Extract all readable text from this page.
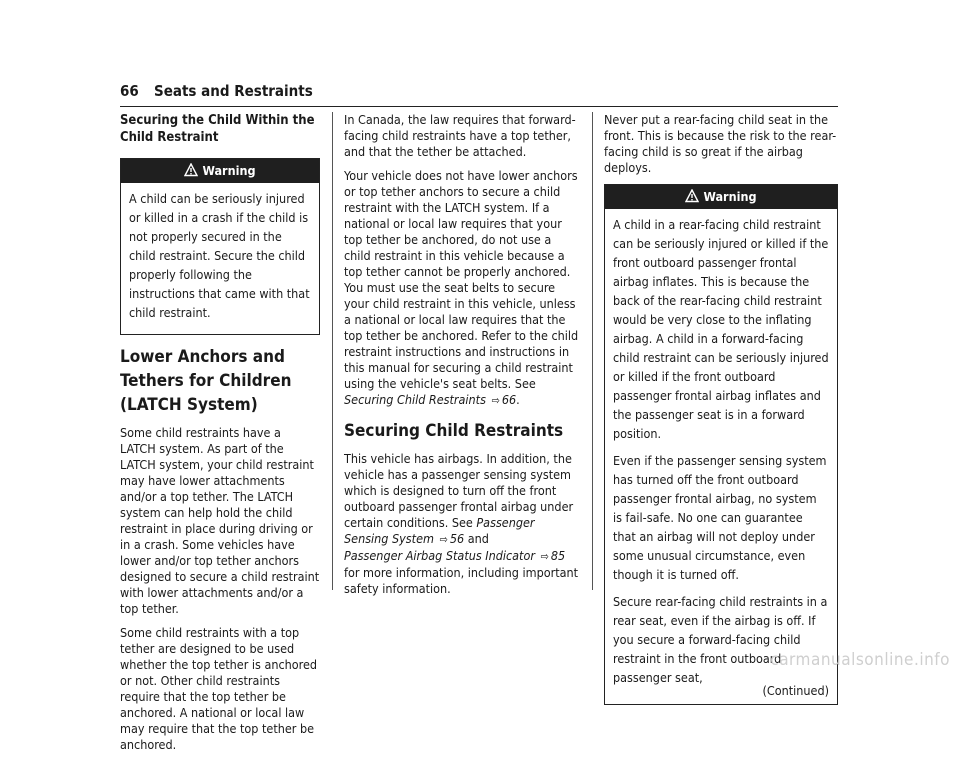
66 Seats and Restraints
Securing the Child Within the Child Restraint
Warning

A child can be seriously injured or killed in a crash if the child is not properly secured in the child restraint. Secure the child properly following the instructions that came with that child restraint.

Lower Anchors and Tethers for Children (LATCH System)

Some child restraints have a LATCH system. As part of the LATCH system, your child restraint may have lower attachments and/or a top tether. The LATCH system can help hold the child restraint in place during driving or in a crash. Some vehicles have lower and/or top tether anchors designed to secure a child restraint with lower attachments and/or a top tether.

Some child restraints with a top tether are designed to be used whether the top tether is anchored or not. Other child restraints require that the top tether be anchored. A national or local law may require that the top tether be anchored.

In Canada, the law requires that forward-facing child restraints have a top tether, and that the tether be attached.

Your vehicle does not have lower anchors or top tether anchors to secure a child restraint with the LATCH system. If a national or local law requires that your top tether be anchored, do not use a child restraint in this vehicle because a top tether cannot be properly anchored. You must use the seat belts to secure your child restraint in this vehicle, unless a national or local law requires that the top tether be anchored. Refer to the child restraint instructions and instructions in this manual for securing a child restraint using the vehicle's seat belts. See Securing Child Restraints ⇨ 66.

Securing Child Restraints

This vehicle has airbags. In addition, the vehicle has a passenger sensing system which is designed to turn off the front outboard passenger frontal airbag under certain conditions. See Passenger Sensing System ⇨ 56 and
Passenger Airbag Status Indicator ⇨ 85 for more information, including important safety information.

Never put a rear-facing child seat in the front. This is because the risk to the rear-facing child is so great if the airbag deploys.

Warning

A child in a rear-facing child restraint can be seriously injured or killed if the front outboard passenger frontal airbag inflates. This is because the back of the rear-facing child restraint would be very close to the inflating airbag. A child in a forward-facing child restraint can be seriously injured or killed if the front outboard passenger frontal airbag inflates and the passenger seat is in a forward position.

Even if the passenger sensing system has turned off the front outboard passenger frontal airbag, no system is fail-safe. No one can guarantee that an airbag will not deploy under some unusual circumstance, even though it is turned off.

Secure rear-facing child restraints in a rear seat, even if the airbag is off. If you secure a forward-facing child restraint in the front outboard passenger seat,

(Continued)
carmanualsonline.info
